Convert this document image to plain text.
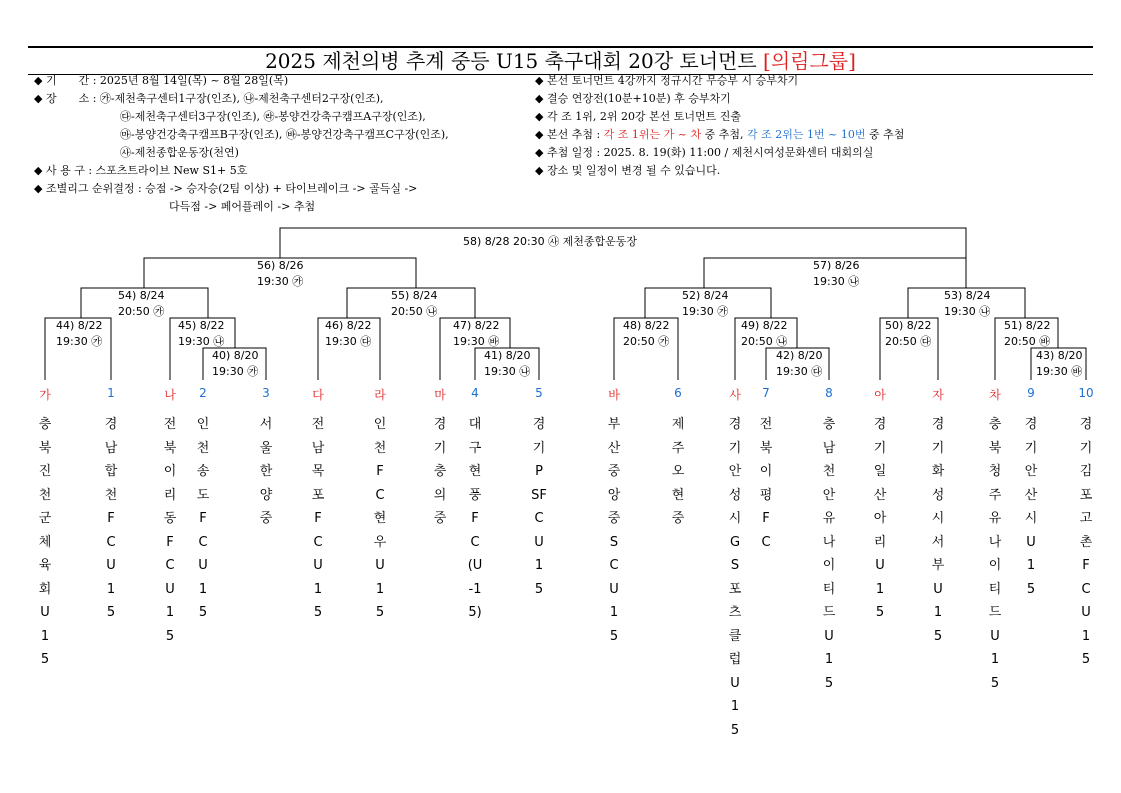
2025 제천의병 추계 중등 U15 축구대회 20강 토너먼트 [의림그룹]
◆ 기　　간 : 2025년 8월 14일(목) ~ 8월 28일(목)
◆ 장　　소 : ㉮-제천축구센터1구장(인조), ㉯-제천축구센터2구장(인조),
㉰-제천축구센터3구장(인조), ㉱-봉양건강축구캠프A구장(인조),
㉲-봉양건강축구캠프B구장(인조), ㉳-봉양건강축구캠프C구장(인조),
㉴-제천종합운동장(천연)
◆ 사 용 구 : 스포츠트라이브 New S1+ 5호
◆ 조별리그 순위결정 : 승점 -> 승자승(2팀 이상) + 타이브레이크 -> 골득실 ->
다득점 -> 페어플레이 -> 추첨
◆ 본선 토너먼트 4강까지 정규시간 무승부 시 승부차기
◆ 결승 연장전(10분+10분) 후 승부차기
◆ 각 조 1위, 2위 20강 본선 토너먼트 진출
◆ 본선 추첨 : 각 조 1위는 가 ~ 차 중 추첨, 각 조 2위는 1번 ~ 10번 중 추첨
◆ 추첨 일정 : 2025. 8. 19(화) 11:00 / 제천시여성문화센터 대회의실
◆ 장소 및 일정이 변경 될 수 있습니다.
58) 8/28 20:30 ㉴ 제천종합운동장
56) 8/26
19:30 ㉮
57) 8/26
19:30 ㉯
54) 8/24
20:50 ㉮
55) 8/24
20:50 ㉯
52) 8/24
19:30 ㉮
53) 8/24
19:30 ㉯
44) 8/22
19:30 ㉮
45) 8/22
19:30 ㉯
46) 8/22
19:30 ㉰
47) 8/22
19:30 ㉳
48) 8/22
20:50 ㉮
49) 8/22
20:50 ㉯
50) 8/22
20:50 ㉰
51) 8/22
20:50 ㉳
40) 8/20
19:30 ㉮
41) 8/20
19:30 ㉯
42) 8/20
19:30 ㉰
43) 8/20
19:30 ㉳
가
충북진천군체육회U15
1
경남합천FCU15
나
전북이리동FCU15
2
인천송도FCU15
3
서울한양중
다
전남목포FCU15
라
인천FC현우U15
마
경기충의중
4
대구현풍FC(U-15)
5
경기PSFCU15
바
부산중앙중SCU15
6
제주오현중
사
경기안성시GS포츠클럽U15
7
전북이평FC
8
충남천안유나이티드U15
아
경기일산아리U15
자
경기화성시서부U15
차
충북청주유나이티드U15
9
경기안산시U15
10
경기김포고촌FCU15
